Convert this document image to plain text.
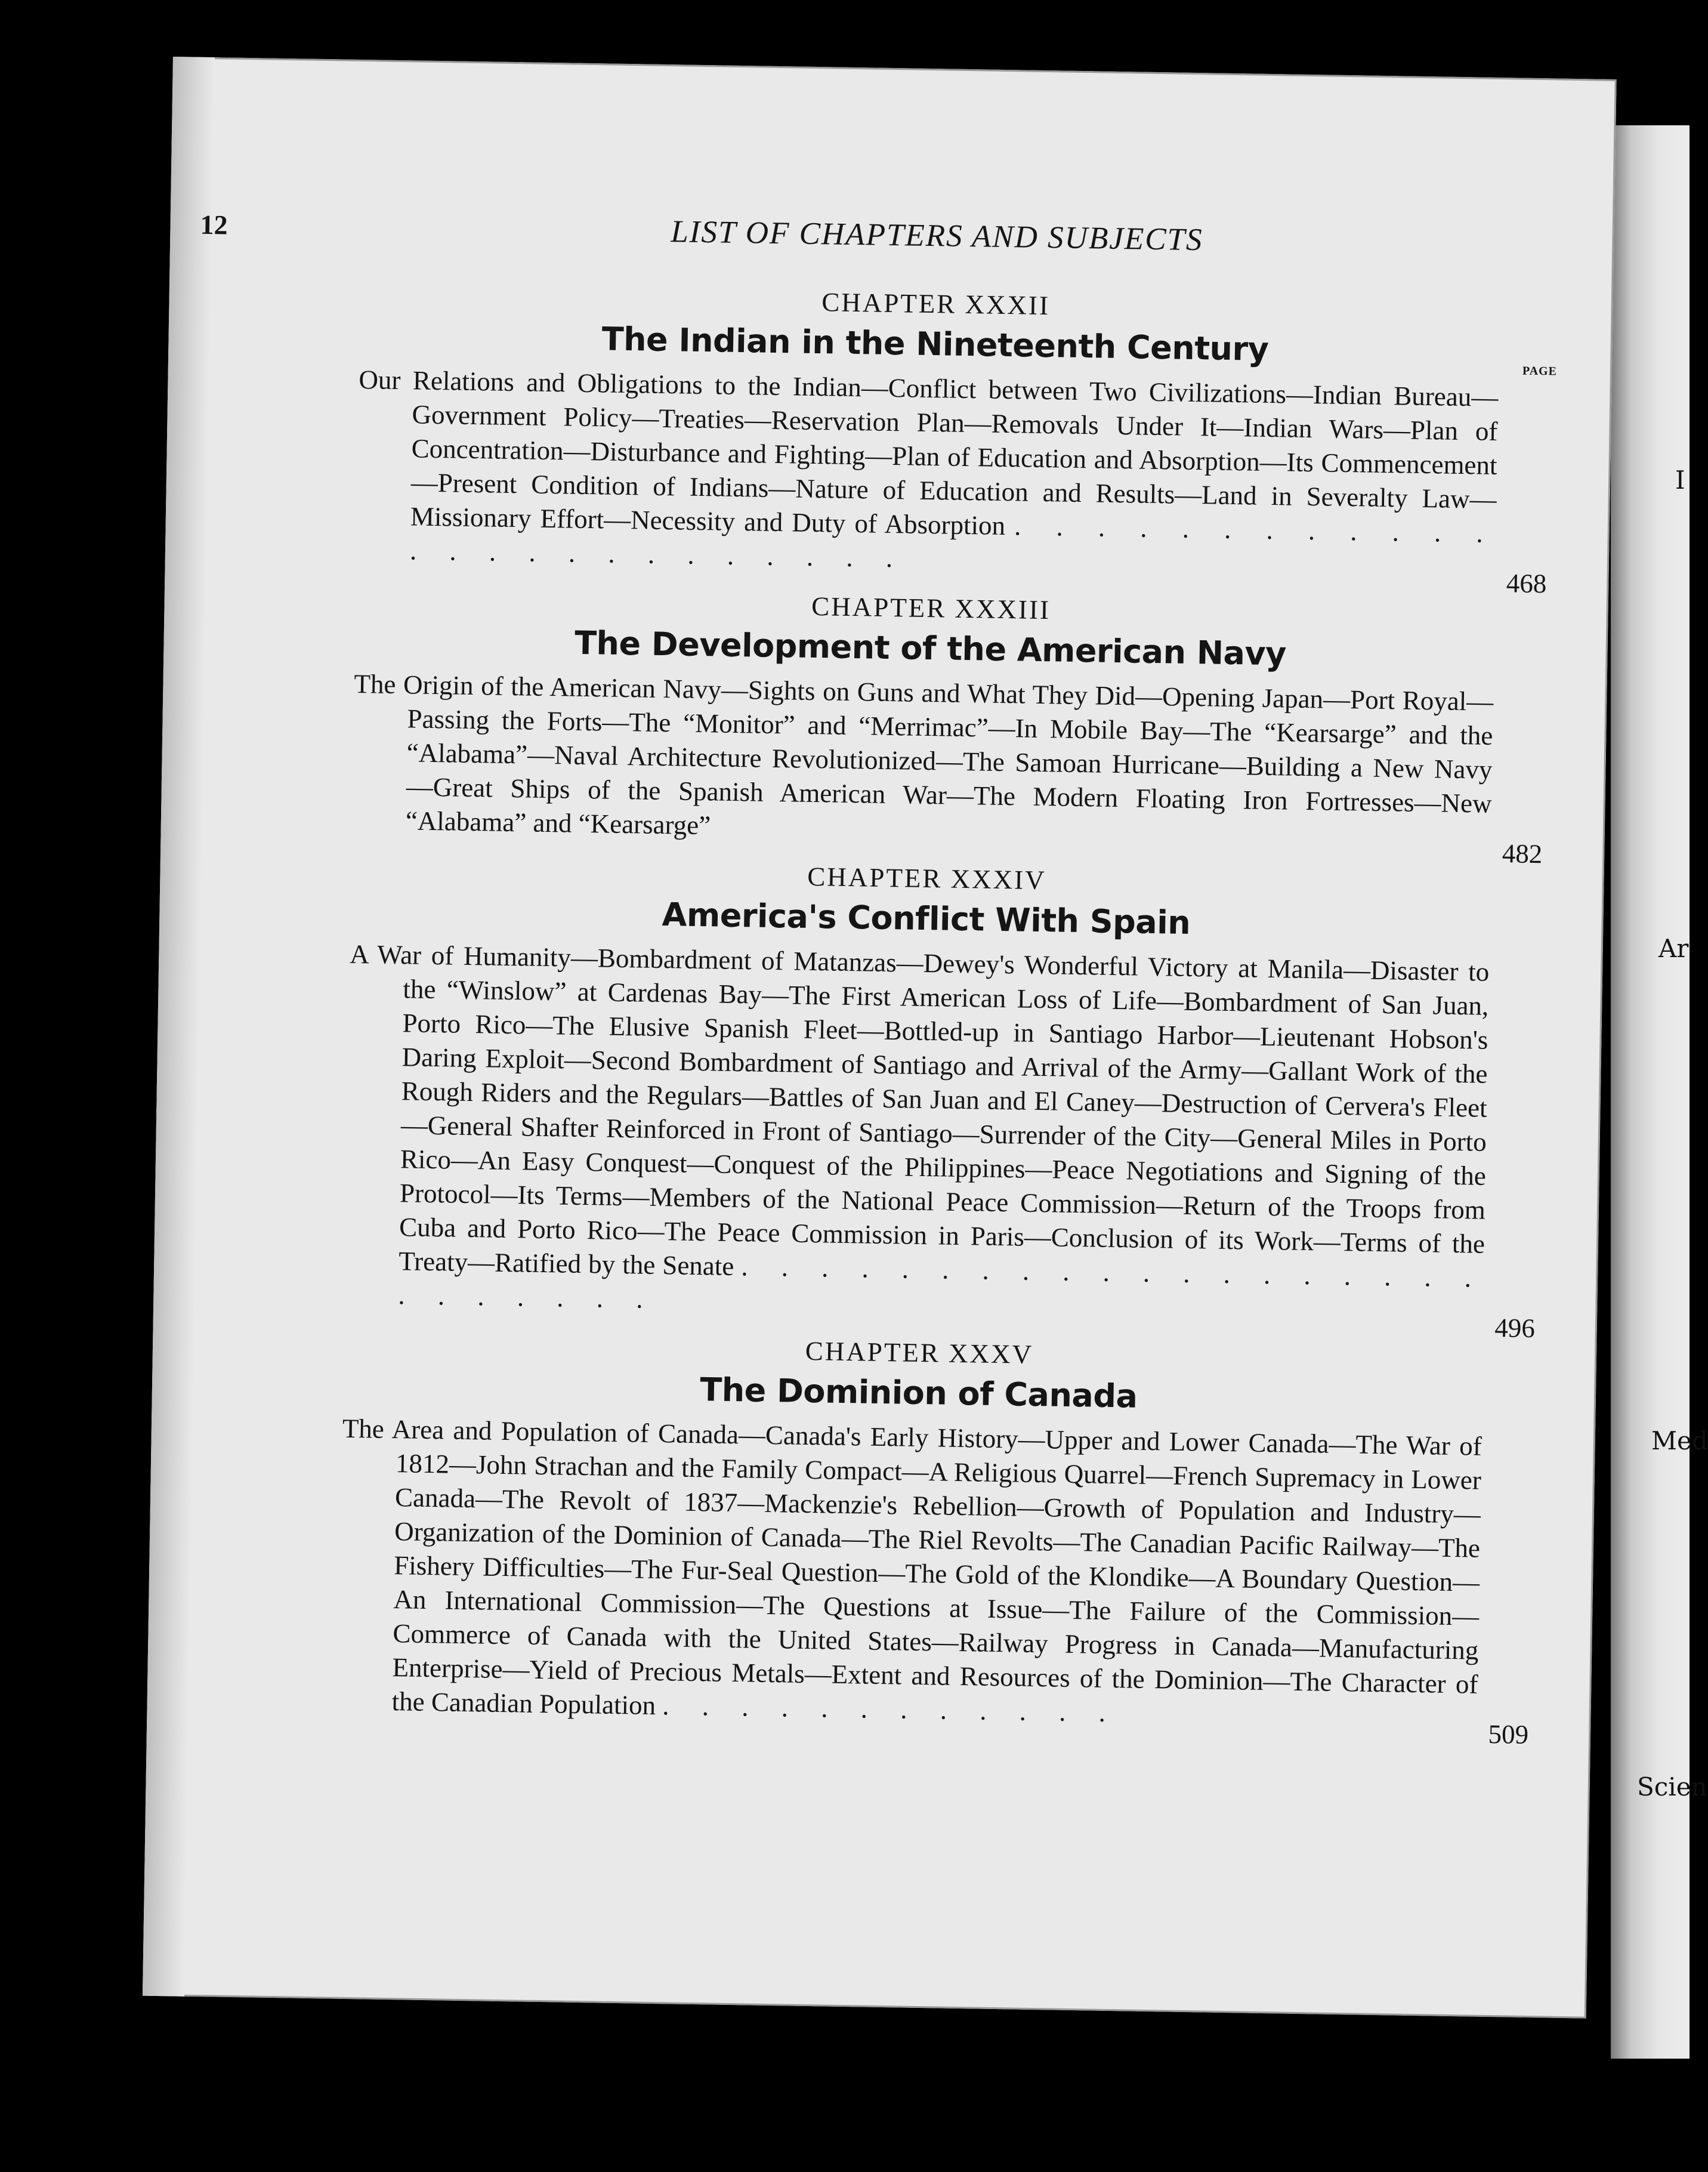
I
Ar
Med
Scien
12	LIST OF CHAPTERS AND SUBJECTS
CHAPTER XXXII
The Indian in the Nineteenth Century
PAGE
Our Relations and Obligations to the Indian—Conflict between Two Civilizations—Indian Bureau—Government Policy—Treaties—Reservation Plan—Removals Under It—Indian Wars—Plan of Concentration—Disturbance and Fighting—Plan of Education and Absorption—Its Commencement—Present Condition of Indians—Nature of Education and Results—Land in Severalty Law—Missionary Effort—Necessity and Duty of Absorption . . . . . . . . . . . . . . . . . . . . . . . . .
468
CHAPTER XXXIII
The Development of the American Navy
The Origin of the American Navy—Sights on Guns and What They Did—Opening Japan—Port Royal—Passing the Forts—The “Monitor” and “Merrimac”—In Mobile Bay—The “Kearsarge” and the “Alabama”—Naval Architecture Revolutionized—The Samoan Hurricane—Building a New Navy—Great Ships of the Spanish American War—The Modern Floating Iron Fortresses—New “Alabama” and “Kearsarge”
482
CHAPTER XXXIV
America's Conflict With Spain
A War of Humanity—Bombardment of Matanzas—Dewey's Wonderful Victory at Manila—Disaster to the “Winslow” at Cardenas Bay—The First American Loss of Life—Bombardment of San Juan, Porto Rico—The Elusive Spanish Fleet—Bottled-up in Santiago Harbor—Lieutenant Hobson's Daring Exploit—Second Bombardment of Santiago and Arrival of the Army—Gallant Work of the Rough Riders and the Regulars—Battles of San Juan and El Caney—Destruction of Cervera's Fleet—General Shafter Reinforced in Front of Santiago—Surrender of the City—General Miles in Porto Rico—An Easy Conquest—Conquest of the Philippines—Peace Negotiations and Signing of the Protocol—Its Terms—Members of the National Peace Commission—Return of the Troops from Cuba and Porto Rico—The Peace Commission in Paris—Conclusion of its Work—Terms of the Treaty—Ratified by the Senate . . . . . . . . . . . . . . . . . . . . . . . . . .
496
CHAPTER XXXV
The Dominion of Canada
The Area and Population of Canada—Canada's Early History—Upper and Lower Canada—The War of 1812—John Strachan and the Family Compact—A Religious Quarrel—French Supremacy in Lower Canada—The Revolt of 1837—Mackenzie's Rebellion—Growth of Population and Industry—Organization of the Dominion of Canada—The Riel Revolts—The Canadian Pacific Railway—The Fishery Difficulties—The Fur-Seal Question—The Gold of the Klondike—A Boundary Question—An International Commission—The Questions at Issue—The Failure of the Commission—Commerce of Canada with the United States—Railway Progress in Canada—Manufacturing Enterprise—Yield of Precious Metals—Extent and Resources of the Dominion—The Character of the Canadian Population . . . . . . . . . . . .
509
